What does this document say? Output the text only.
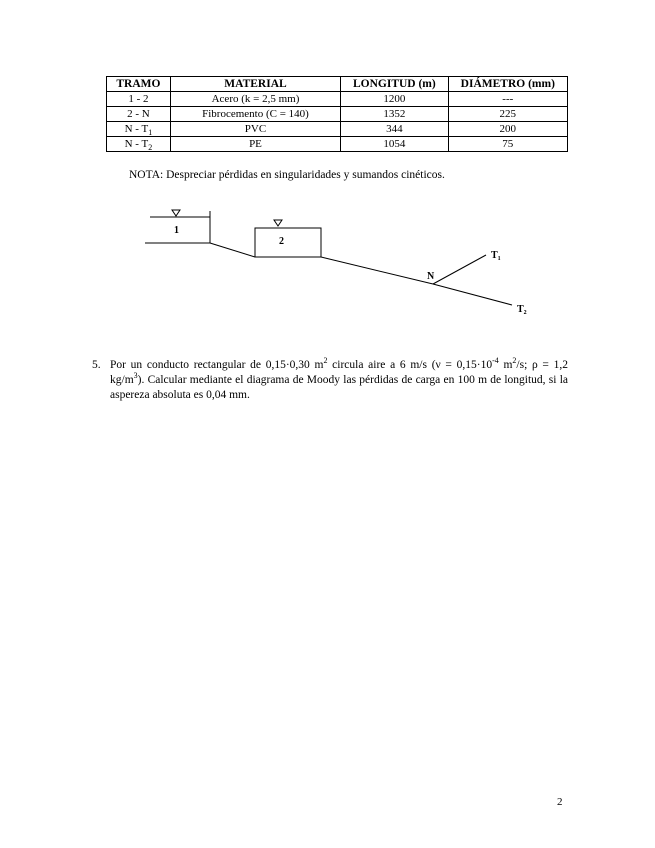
TRAMO	MATERIAL	LONGITUD (m)	DIÁMETRO (mm)
1 - 2	Acero (k = 2,5 mm)	1200	---
2 - N	Fibrocemento (C = 140)	1352	225
N - $T_1$	PVC	344	200
N - $T_2$	PE	1054	75
NOTA: Despreciar pérdidas en singularidades y sumandos cinéticos.
1
2
N
$T_1$
$T_2$
5. Por un conducto rectangular de 0,15·0,30 $m^2$ circula aire a 6 m/s ($\nu = 0,15\cdot 10^{-4}$ $m^2/s$; ρ = 1,2 $kg/m^3$). Calcular mediante el diagrama de Moody las pérdidas de carga en 100 m de longitud, si la aspereza absoluta es 0,04 mm.
2
